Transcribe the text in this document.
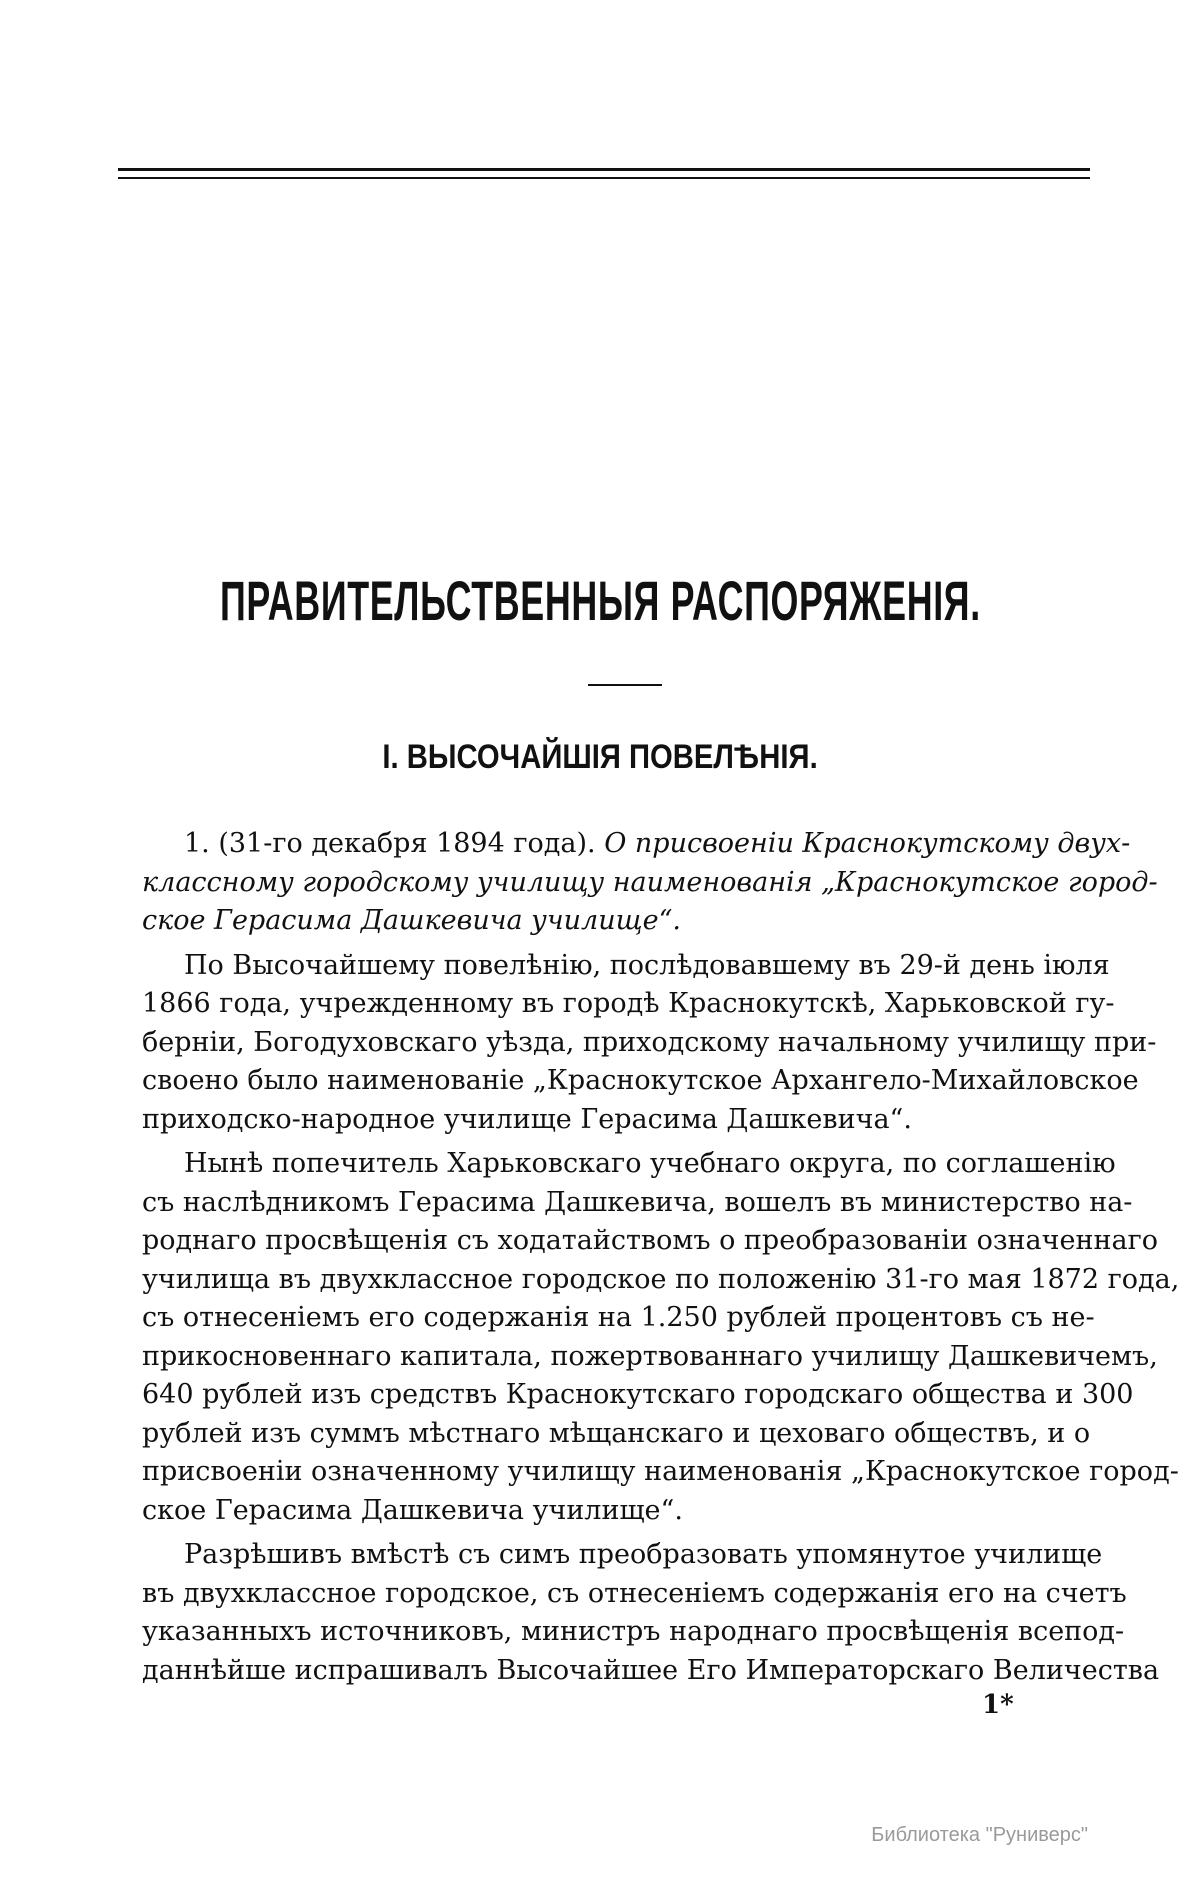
ПРАВИТЕЛЬСТВЕННЫЯ РАСПОРЯЖЕНІЯ.
І. ВЫСОЧАЙШІЯ ПОВЕЛѢНІЯ.
1. (31-го декабря 1894 года). О присвоеніи Краснокутскому двух-
классному городскому училищу наименованія „Краснокутское город-
ское Герасима Дашкевича училище“.
По Высочайшему повелѣнію, послѣдовавшему въ 29-й день іюля
1866 года, учрежденному въ городѣ Краснокутскѣ, Харьковской гу-
берніи, Богодуховскаго уѣзда, приходскому начальному училищу при-
своено было наименованіе „Краснокутское Архангело-Михайловское
приходско-народное училище Герасима Дашкевича“.
Нынѣ попечитель Харьковскаго учебнаго округа, по соглашенію
съ наслѣдникомъ Герасима Дашкевича, вошелъ въ министерство на-
роднаго просвѣщенія съ ходатайствомъ о преобразованіи означеннаго
училища въ двухклассное городское по положенію 31-го мая 1872 года,
съ отнесеніемъ его содержанія на 1.250 рублей процентовъ съ не-
прикосновеннаго капитала, пожертвованнаго училищу Дашкевичемъ,
640 рублей изъ средствъ Краснокутскаго городскаго общества и 300
рублей изъ суммъ мѣстнаго мѣщанскаго и цеховаго обществъ, и о
присвоеніи означенному училищу наименованія „Краснокутское город-
ское Герасима Дашкевича училище“.
Разрѣшивъ вмѣстѣ съ симъ преобразовать упомянутое училище
въ двухклассное городское, съ отнесеніемъ содержанія его на счетъ
указанныхъ источниковъ, министръ народнаго просвѣщенія всепод-
даннѣйше испрашивалъ Высочайшее Его Императорскаго Величества
1*
Библиотека "Руниверс"
